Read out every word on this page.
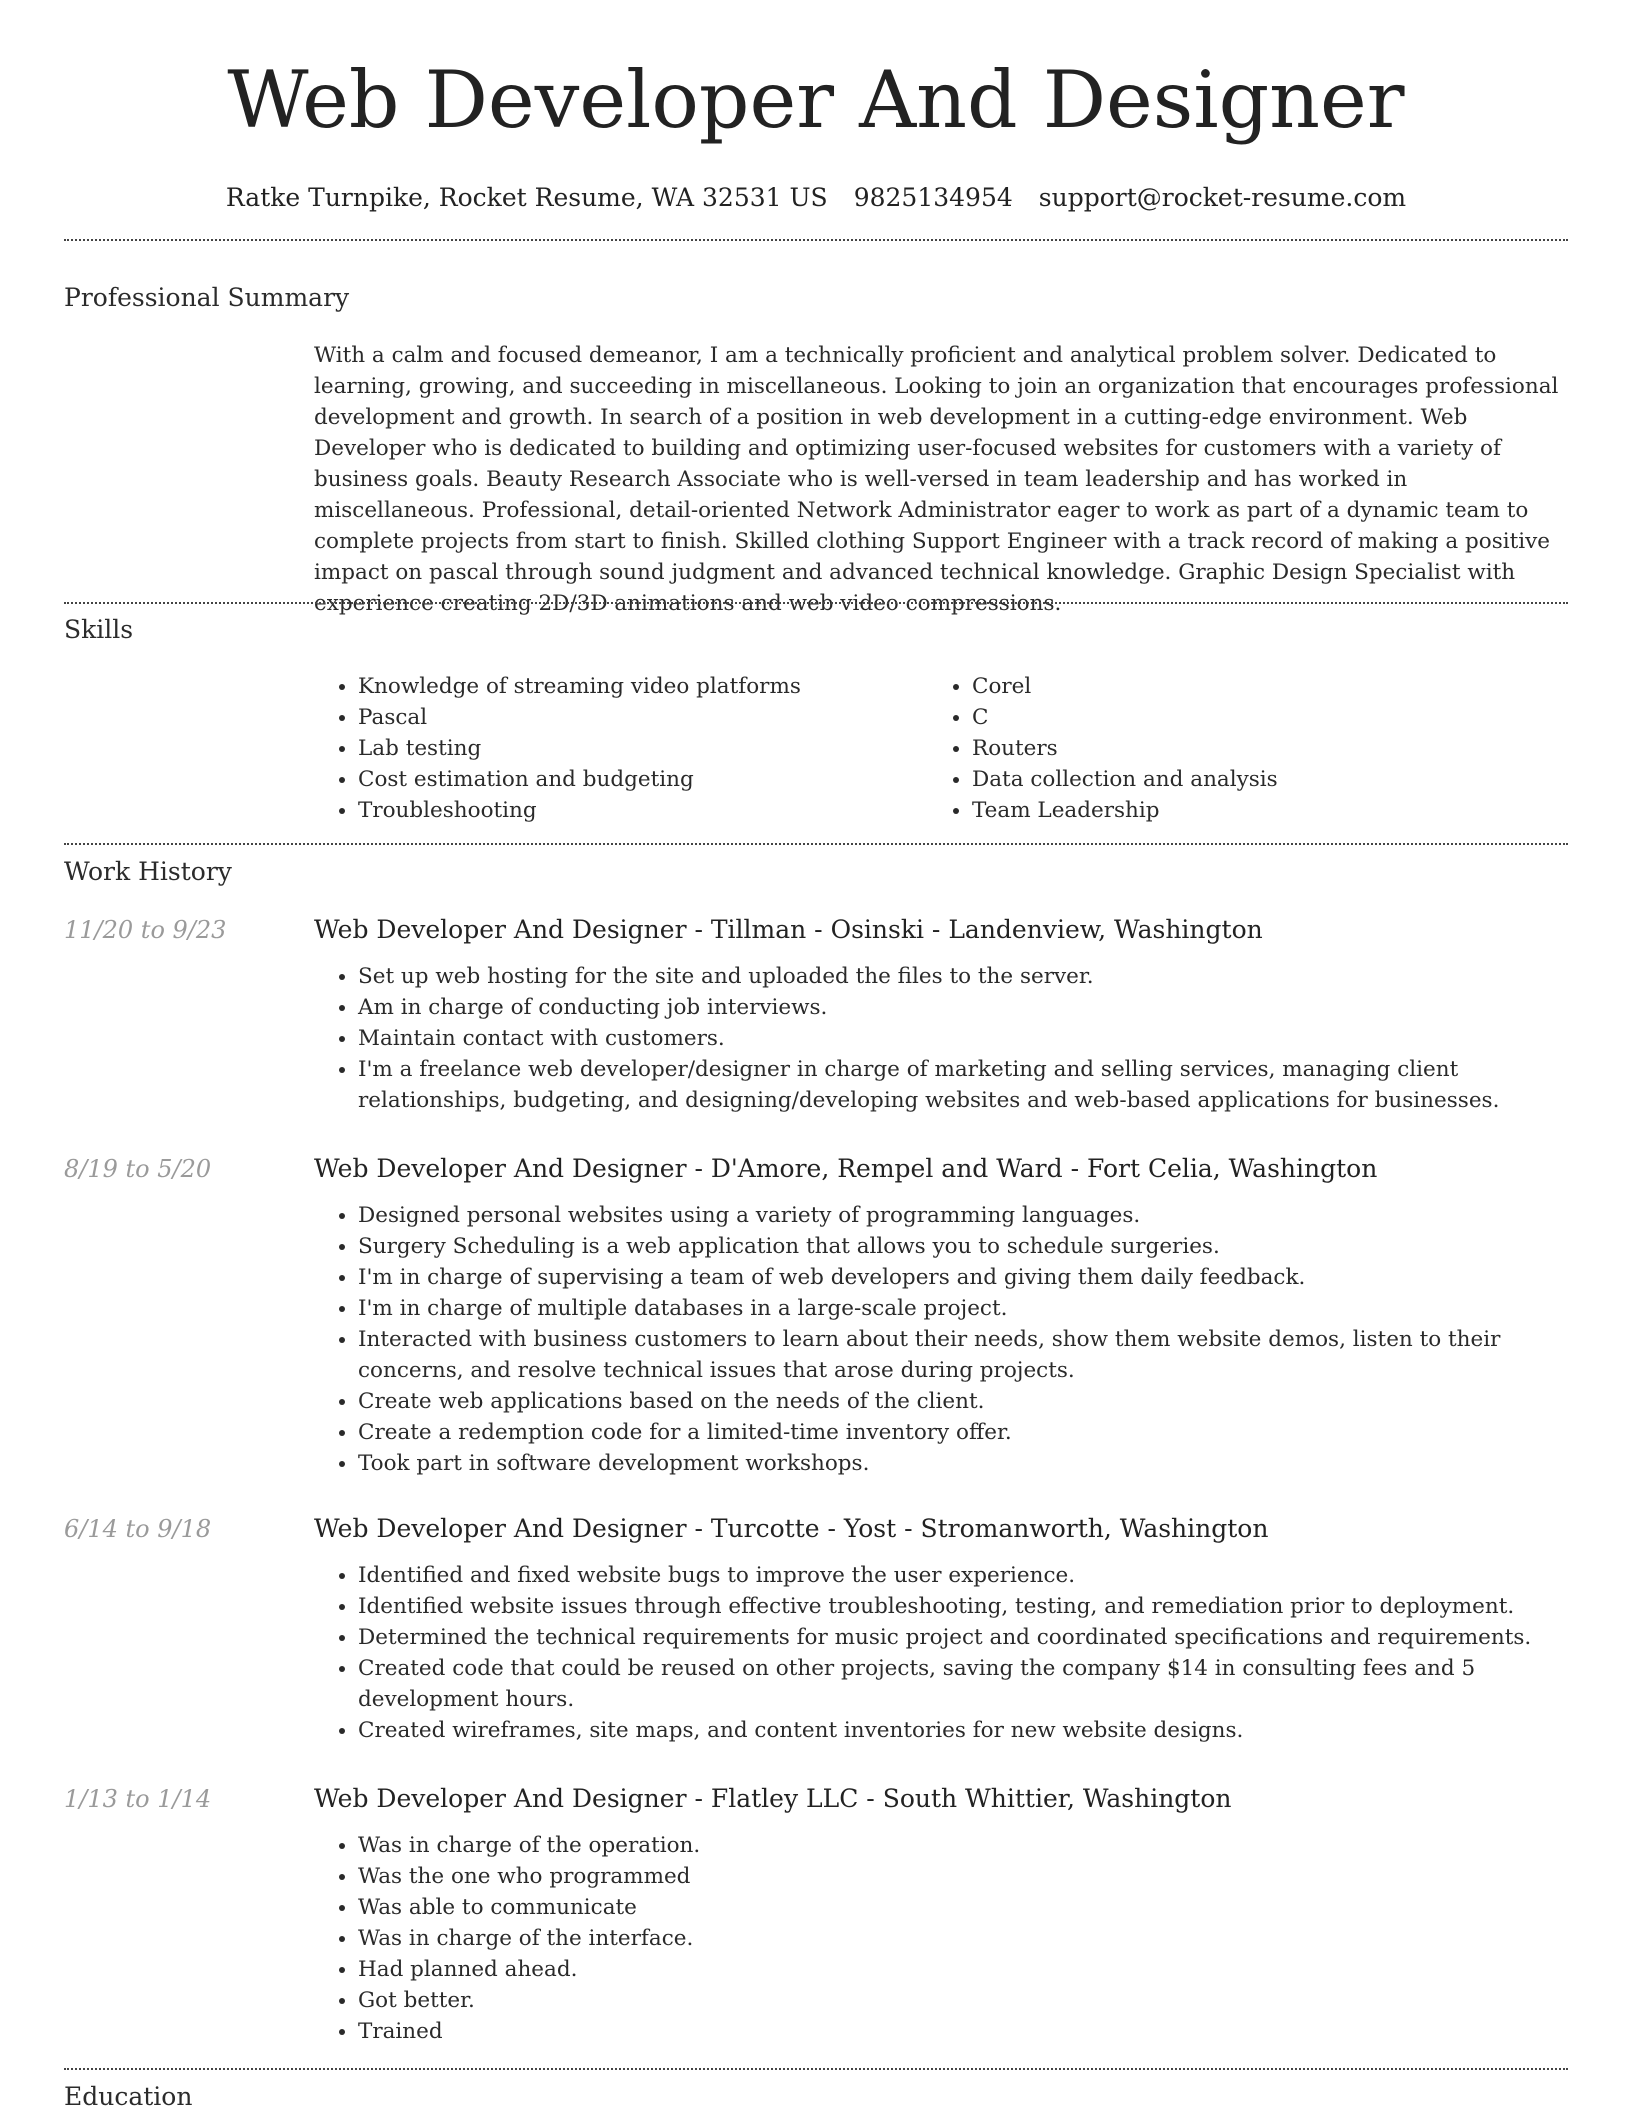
Web Developer And Designer
Ratke Turnpike, Rocket Resume, WA 32531 US 9825134954 support@rocket-resume.com
Professional Summary

With a calm and focused demeanor, I am a technically proficient and analytical problem solver. Dedicated to learning, growing, and succeeding in miscellaneous. Looking to join an organization that encourages professional development and growth. In search of a position in web development in a cutting-edge environment. Web Developer who is dedicated to building and optimizing user-focused websites for customers with a variety of business goals. Beauty Research Associate who is well-versed in team leadership and has worked in miscellaneous. Professional, detail-oriented Network Administrator eager to work as part of a dynamic team to complete projects from start to finish. Skilled clothing Support Engineer with a track record of making a positive impact on pascal through sound judgment and advanced technical knowledge. Graphic Design Specialist with experience creating 2D/3D animations and web video compressions.

Skills
• Knowledge of streaming video platforms
• Pascal
• Lab testing
• Cost estimation and budgeting
• Troubleshooting
• Corel
• C
• Routers
• Data collection and analysis
• Team Leadership
Work History
11/20 to 9/23	Web Developer And Designer - Tillman - Osinski - Landenview, Washington
• Set up web hosting for the site and uploaded the files to the server.
• Am in charge of conducting job interviews.
• Maintain contact with customers.
• I'm a freelance web developer/designer in charge of marketing and selling services, managing client relationships, budgeting, and designing/developing websites and web-based applications for businesses.
8/19 to 5/20	Web Developer And Designer - D'Amore, Rempel and Ward - Fort Celia, Washington
• Designed personal websites using a variety of programming languages.
• Surgery Scheduling is a web application that allows you to schedule surgeries.
• I'm in charge of supervising a team of web developers and giving them daily feedback.
• I'm in charge of multiple databases in a large-scale project.
• Interacted with business customers to learn about their needs, show them website demos, listen to their concerns, and resolve technical issues that arose during projects.
• Create web applications based on the needs of the client.
• Create a redemption code for a limited-time inventory offer.
• Took part in software development workshops.
6/14 to 9/18	Web Developer And Designer - Turcotte - Yost - Stromanworth, Washington
• Identified and fixed website bugs to improve the user experience.
• Identified website issues through effective troubleshooting, testing, and remediation prior to deployment.
• Determined the technical requirements for music project and coordinated specifications and requirements.
• Created code that could be reused on other projects, saving the company $14 in consulting fees and 5 development hours.
• Created wireframes, site maps, and content inventories for new website designs.
1/13 to 1/14	Web Developer And Designer - Flatley LLC - South Whittier, Washington
• Was in charge of the operation.
• Was the one who programmed
• Was able to communicate
• Was in charge of the interface.
• Had planned ahead.
• Got better.
• Trained
Education
